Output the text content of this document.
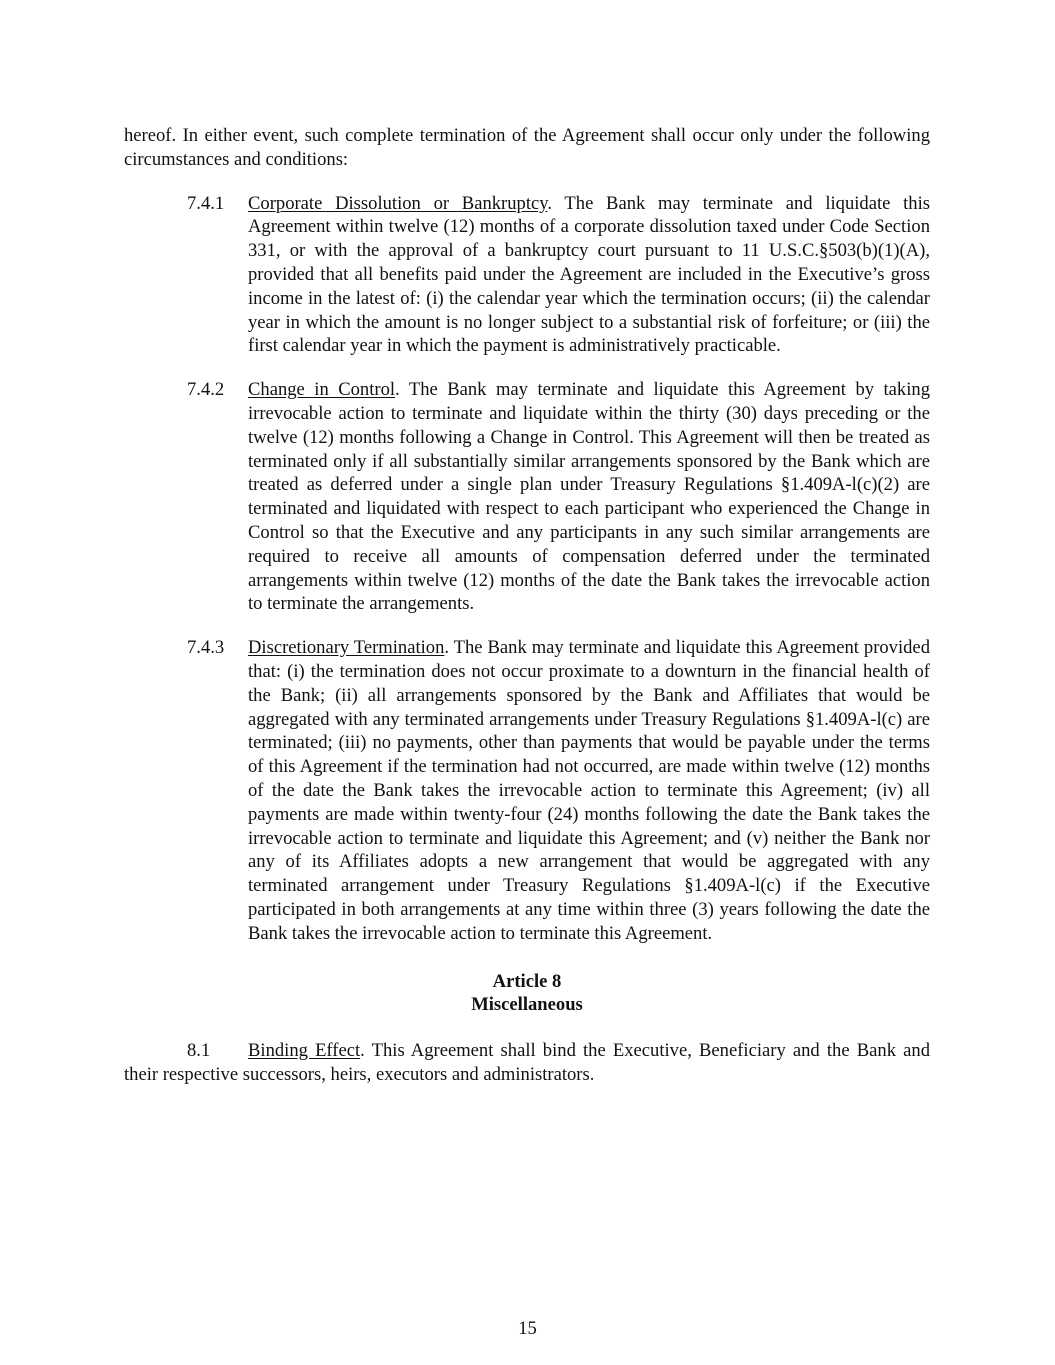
hereof. In either event, such complete termination of the Agreement shall occur only under the following circumstances and conditions:

7.4.1	Corporate Dissolution or Bankruptcy. The Bank may terminate and liquidate this Agreement within twelve (12) months of a corporate dissolution taxed under Code Section 331, or with the approval of a bankruptcy court pursuant to 11 U.S.C.§503(b)(1)(A), provided that all benefits paid under the Agreement are included in the Executive’s gross income in the latest of: (i) the calendar year which the termination occurs; (ii) the calendar year in which the amount is no longer subject to a substantial risk of forfeiture; or (iii) the first calendar year in which the payment is administratively practicable.
7.4.2	Change in Control. The Bank may terminate and liquidate this Agreement by taking irrevocable action to terminate and liquidate within the thirty (30) days preceding or the twelve (12) months following a Change in Control. This Agreement will then be treated as terminated only if all substantially similar arrangements sponsored by the Bank which are treated as deferred under a single plan under Treasury Regulations §1.409A-l(c)(2) are terminated and liquidated with respect to each participant who experienced the Change in Control so that the Executive and any participants in any such similar arrangements are required to receive all amounts of compensation deferred under the terminated arrangements within twelve (12) months of the date the Bank takes the irrevocable action to terminate the arrangements.
7.4.3	Discretionary Termination. The Bank may terminate and liquidate this Agreement provided that: (i) the termination does not occur proximate to a downturn in the financial health of the Bank; (ii) all arrangements sponsored by the Bank and Affiliates that would be aggregated with any terminated arrangements under Treasury Regulations §1.409A-l(c) are terminated; (iii) no payments, other than payments that would be payable under the terms of this Agreement if the termination had not occurred, are made within twelve (12) months of the date the Bank takes the irrevocable action to terminate this Agreement; (iv) all payments are made within twenty-four (24) months following the date the Bank takes the irrevocable action to terminate and liquidate this Agreement; and (v) neither the Bank nor any of its Affiliates adopts a new arrangement that would be aggregated with any terminated arrangement under Treasury Regulations §1.409A-l(c) if the Executive participated in both arrangements at any time within three (3) years following the date the Bank takes the irrevocable action to terminate this Agreement.
Article 8
Miscellaneous

8.1 Binding Effect. This Agreement shall bind the Executive, Beneficiary and the Bank and their respective successors, heirs, executors and administrators.

15
